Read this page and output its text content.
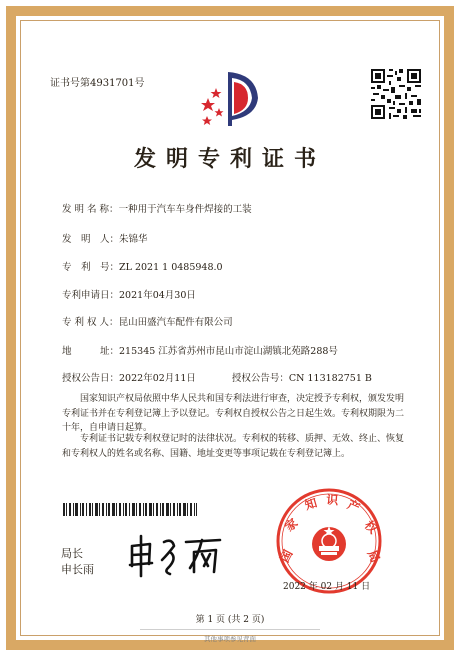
证书号第4931701号
发明专利证书
发 明 名 称：一种用于汽车车身件焊接的工装
发　明　人：朱锦华
专　利　号：ZL 2021 1 0485948.0
专利申请日：2021年04月30日
专 利 权 人：昆山田盛汽车配件有限公司
地　　　址：215345 江苏省苏州市昆山市淀山湖镇北苑路288号
授权公告日：2022年02月11日	授权公告号：CN 113182751 B
国家知识产权局依照中华人民共和国专利法进行审查，决定授予专利权，颁发发明专利证书并在专利登记簿上予以登记。专利权自授权公告之日起生效。专利权期限为二十年，自申请日起算。
专利证书记载专利权登记时的法律状况。专利权的转移、质押、无效、终止、恢复和专利权人的姓名或名称、国籍、地址变更等事项记载在专利登记簿上。
局长
申长雨
国
家
知 识 产
权
局
2022 年 02 月 11 日
第 1 页 (共 2 页)
其他事项参见背面
